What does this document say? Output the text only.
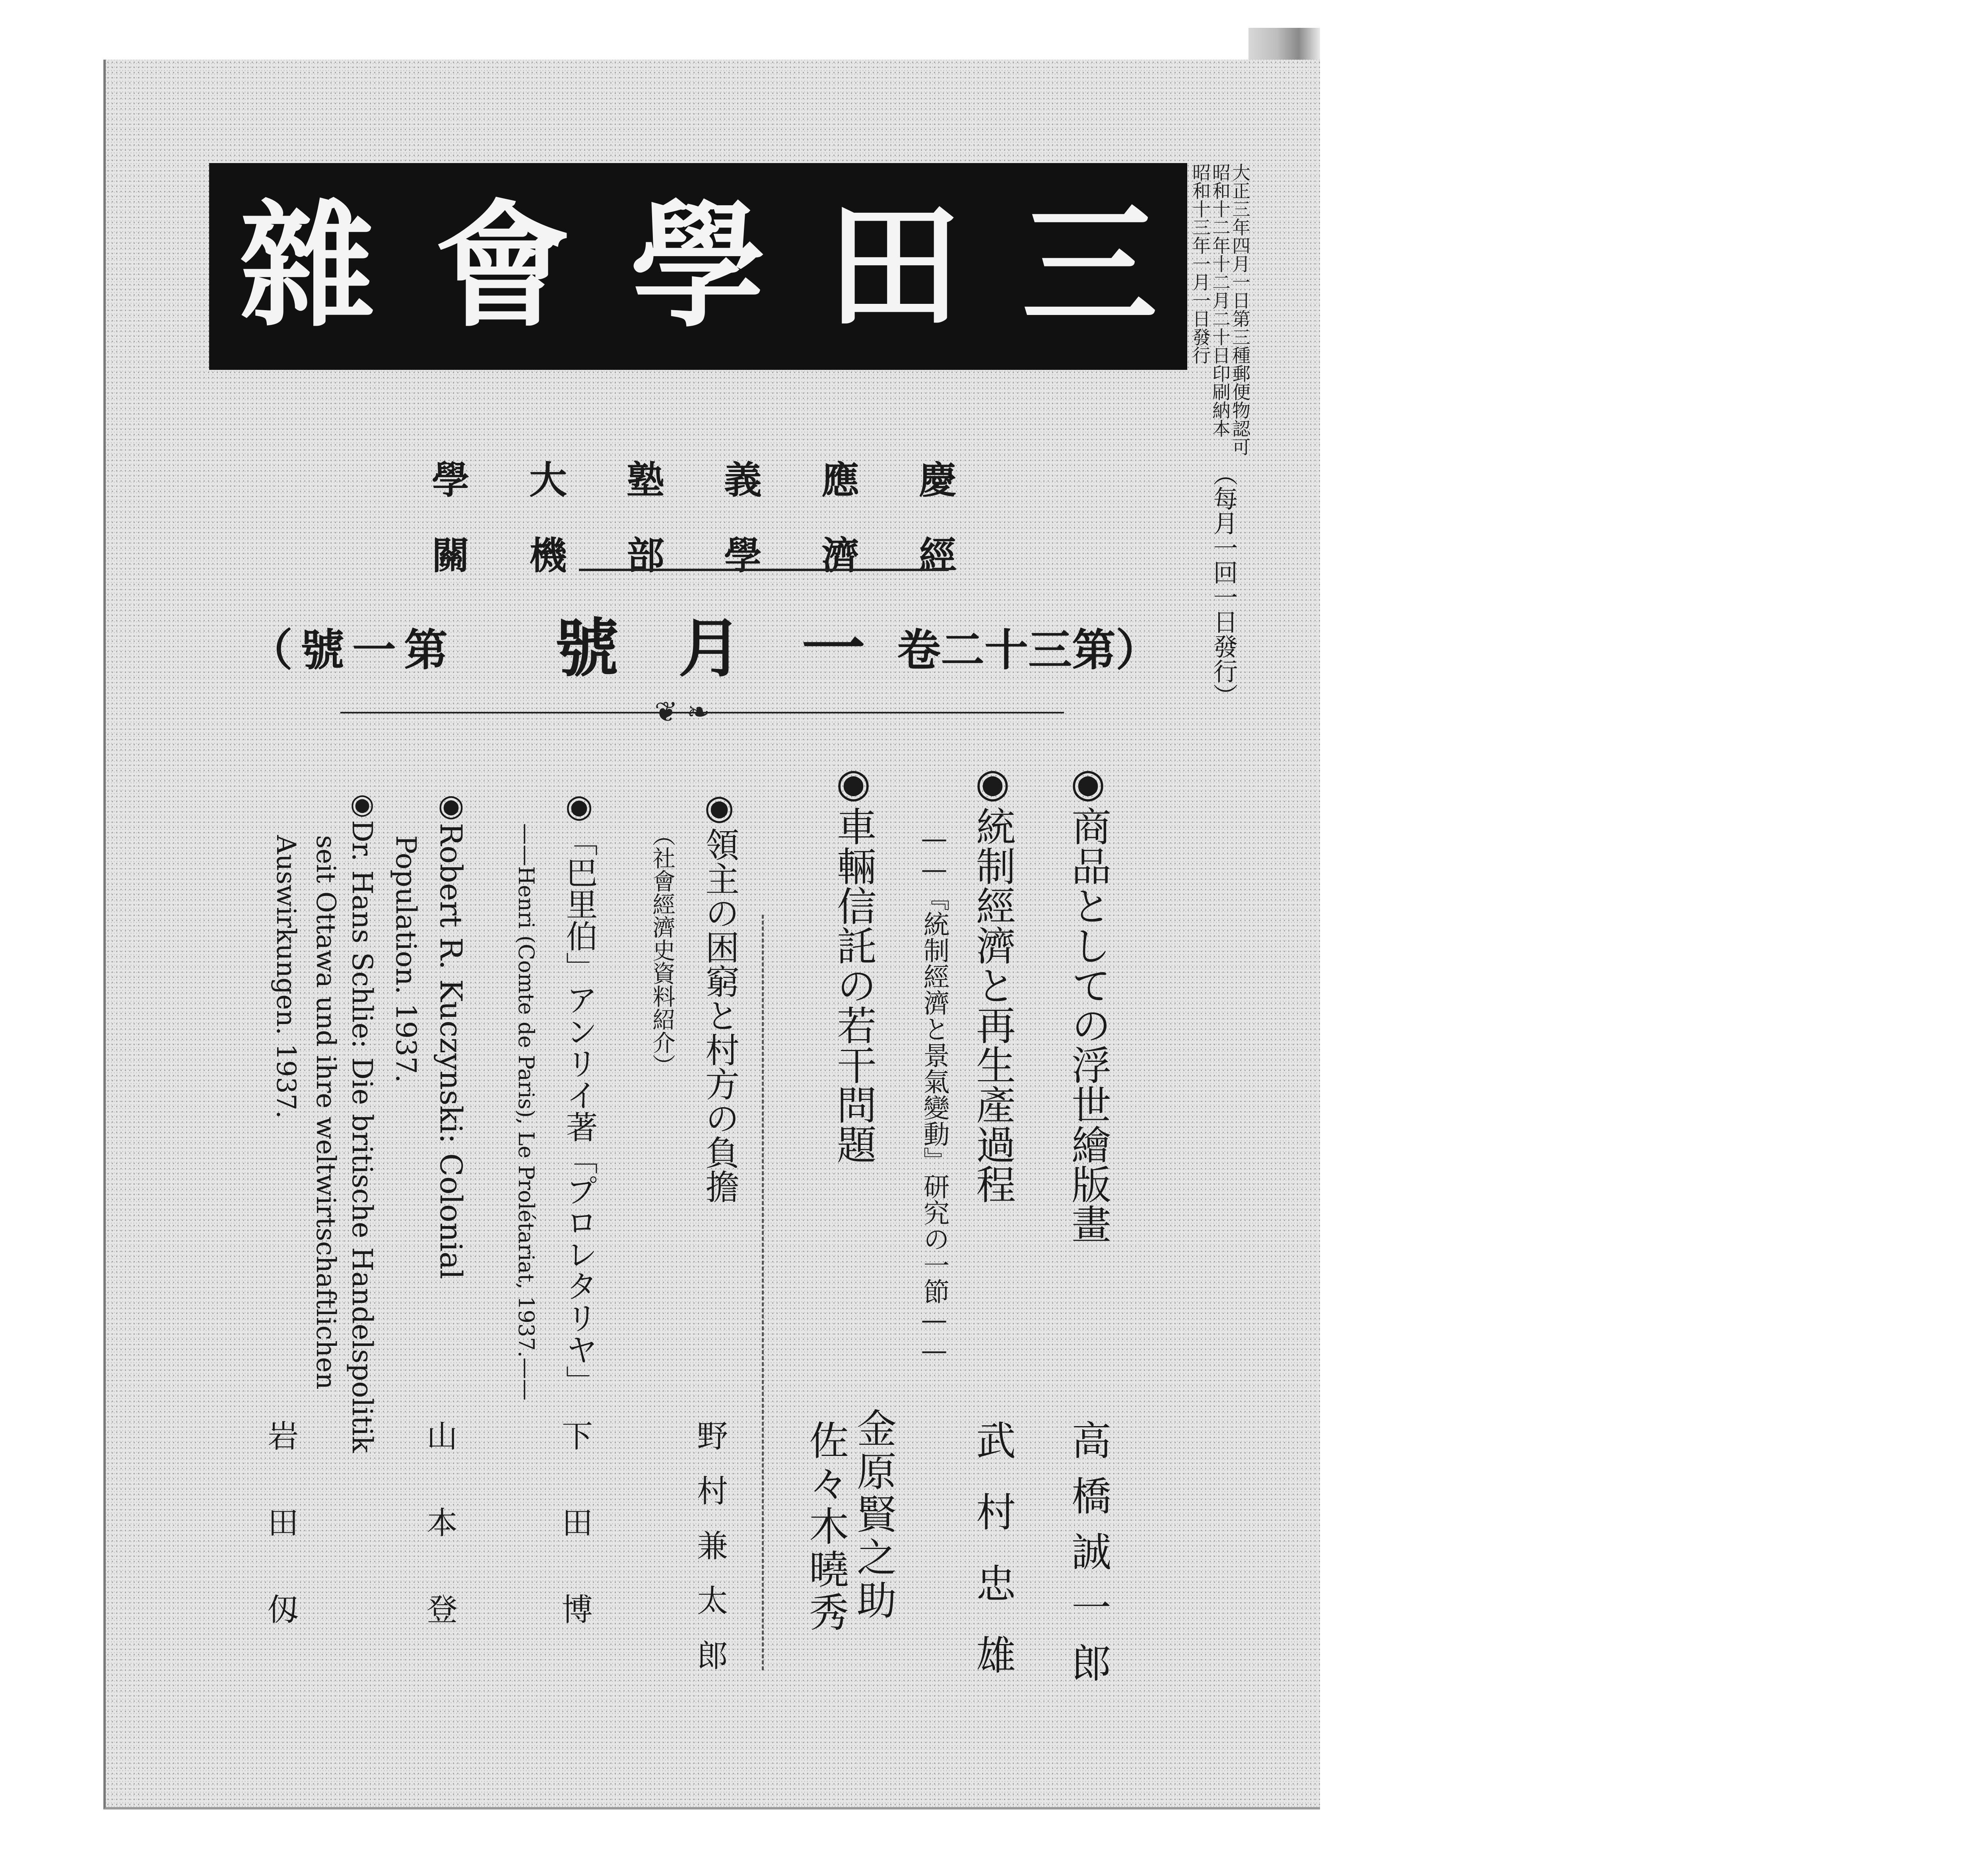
三
田
學
會
雜
慶應義塾大學
經濟學部機關
（第三十二卷
一月號
第一號）
❦ ❧
◉商品としての浮世繪版畫
高橋誠一郎
◉統制經濟と再生產過程
——『統制經濟と景氣變動』研究の一節——
武村忠雄
◉車輛信託の若干問題
金原賢之助
佐々木曉秀
◉領主の困窮と村方の負擔
（社會經濟史資料紹介）
野村兼太郎
◉「巴里伯」アンリイ著「プロレタリヤ」
——Henri (Comte de Paris), Le Prolétariat, 1937.——
下田博
◉Robert R. Kuczynski: Colonial
Population. 1937.
山本登
◉Dr. Hans Schlie: Die britische Handelspolitik
seit Ottawa und ihre weltwirtschaftlichen
Auswirkungen. 1937.
岩田仭
大正三年四月一日第三種郵便物認可
昭和十二年十二月二十日印刷納本
昭和十三年一月一日發行
（每月一回一日發行）
